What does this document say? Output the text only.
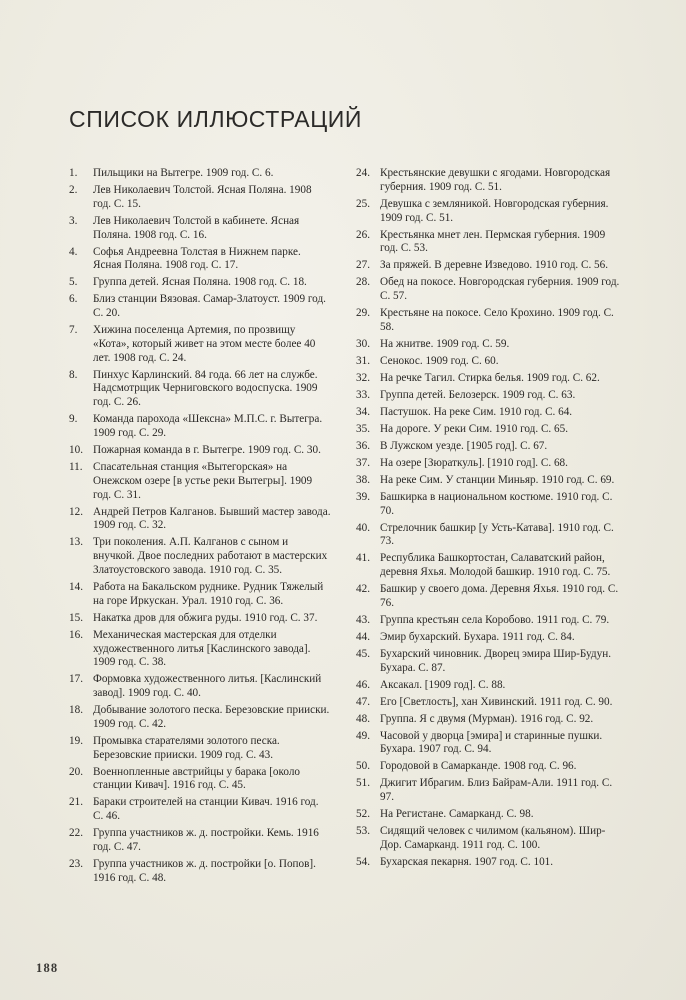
СПИСОК ИЛЛЮСТРАЦИЙ
1.	Пильщики на Вытегре. 1909 год. С. 6.
2.	Лев Николаевич Толстой. Ясная Поляна. 1908 год. С. 15.
3.	Лев Николаевич Толстой в кабинете. Ясная Поляна. 1908 год. С. 16.
4.	Софья Андреевна Толстая в Нижнем парке. Ясная Поляна. 1908 год. С. 17.
5.	Группа детей. Ясная Поляна. 1908 год. С. 18.
6.	Близ станции Вязовая. Самар-Златоуст. 1909 год. С. 20.
7.	Хижина поселенца Артемия, по прозвищу «Кота», который живет на этом месте более 40 лет. 1908 год. С. 24.
8.	Пинхус Карлинский. 84 года. 66 лет на службе. Надсмотрщик Черниговского водоспуска. 1909 год. С. 26.
9.	Команда парохода «Шексна» М.П.С. г. Вытегра. 1909 год. С. 29.
10. Пожарная команда в г. Вытегре. 1909 год. С. 30.
11. Спасательная станция «Вытегорская» на Онежском озере [в устье реки Вытегры]. 1909 год. С. 31.
12. Андрей Петров Калганов. Бывший мастер завода. 1909 год. С. 32.
13. Три поколения. А.П. Калганов с сыном и внучкой. Двое последних работают в мастерских Златоустовского завода. 1910 год. С. 35.
14. Работа на Бакальском руднике. Рудник Тяжелый на горе Иркускан. Урал. 1910 год. С. 36.
15. Накатка дров для обжига руды. 1910 год. С. 37.
16. Механическая мастерская для отделки художественного литья [Каслинского завода]. 1909 год. С. 38.
17. Формовка художественного литья. [Каслинский завод]. 1909 год. С. 40.
18. Добывание золотого песка. Березовские прииски. 1909 год. С. 42.
19. Промывка старателями золотого песка. Березовские прииски. 1909 год. С. 43.
20. Военнопленные австрийцы у барака [около станции Кивач]. 1916 год. С. 45.
21. Бараки строителей на станции Кивач. 1916 год. С. 46.
22. Группа участников ж. д. постройки. Кемь. 1916 год. С. 47.
23. Группа участников ж. д. постройки [о. Попов]. 1916 год. С. 48.
24. Крестьянские девушки с ягодами. Новгородская губерния. 1909 год. С. 51.
25. Девушка с земляникой. Новгородская губерния. 1909 год. С. 51.
26. Крестьянка мнет лен. Пермская губерния. 1909 год. С. 53.
27. За пряжей. В деревне Изведово. 1910 год. С. 56.
28. Обед на покосе. Новгородская губерния. 1909 год. С. 57.
29. Крестьяне на покосе. Село Крохино. 1909 год. С. 58.
30. На жнитве. 1909 год. С. 59.
31. Сенокос. 1909 год. С. 60.
32. На речке Тагил. Стирка белья. 1909 год. С. 62.
33. Группа детей. Белозерск. 1909 год. С. 63.
34. Пастушок. На реке Сим. 1910 год. С. 64.
35. На дороге. У реки Сим. 1910 год. С. 65.
36. В Лужском уезде. [1905 год]. С. 67.
37. На озере [Зюраткуль]. [1910 год]. С. 68.
38. На реке Сим. У станции Миньяр. 1910 год. С. 69.
39. Башкирка в национальном костюме. 1910 год. С. 70.
40. Стрелочник башкир [у Усть-Катава]. 1910 год. С. 73.
41. Республика Башкортостан, Салаватский район, деревня Яхья. Молодой башкир. 1910 год. С. 75.
42. Башкир у своего дома. Деревня Яхья. 1910 год. С. 76.
43. Группа крестьян села Коробово. 1911 год. С. 79.
44. Эмир бухарский. Бухара. 1911 год. С. 84.
45. Бухарский чиновник. Дворец эмира Шир-Будун. Бухара. С. 87.
46. Аксакал. [1909 год]. С. 88.
47. Его [Светлость], хан Хивинский. 1911 год. С. 90.
48. Группа. Я с двумя (Мурман). 1916 год. С. 92.
49. Часовой у дворца [эмира] и старинные пушки. Бухара. 1907 год. С. 94.
50. Городовой в Самарканде. 1908 год. С. 96.
51. Джигит Ибрагим. Близ Байрам-Али. 1911 год. С. 97.
52. На Регистане. Самарканд. С. 98.
53. Сидящий человек с чилимом (кальяном). Шир-Дор. Самарканд. 1911 год. С. 100.
54. Бухарская пекарня. 1907 год. С. 101.
188
